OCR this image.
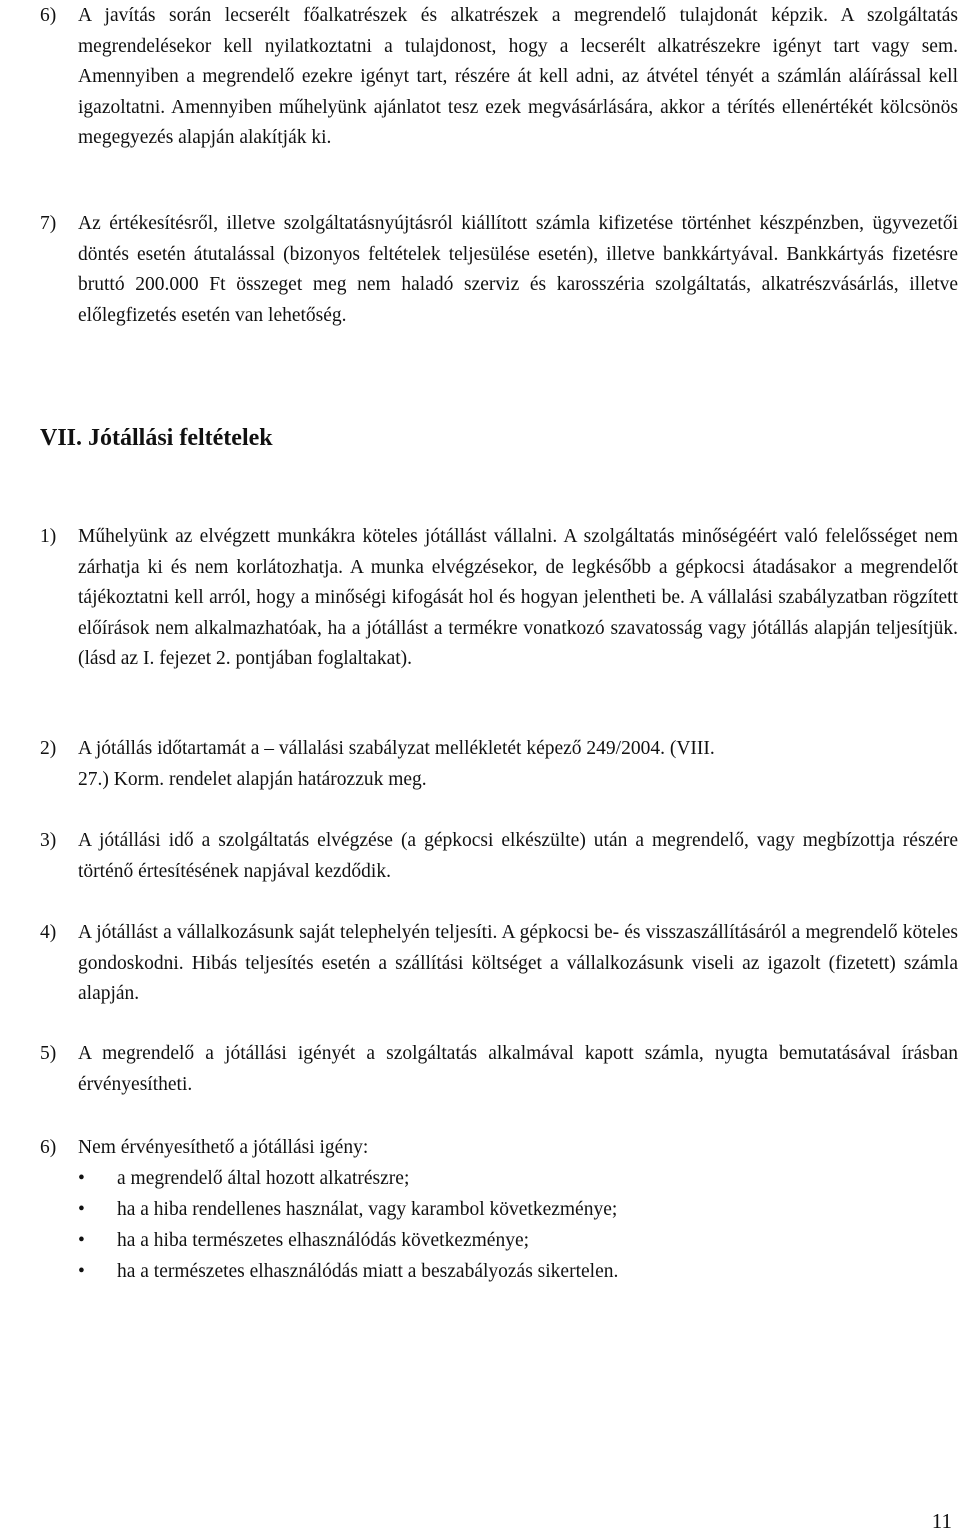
6) A javítás során lecserélt főalkatrészek és alkatrészek a megrendelő tulajdonát képzik. A szolgáltatás megrendelésekor kell nyilatkoztatni a tulajdonost, hogy a lecserélt alkatrészekre igényt tart vagy sem. Amennyiben a megrendelő ezekre igényt tart, részére át kell adni, az átvétel tényét a számlán aláírással kell igazoltatni. Amennyiben műhelyünk ajánlatot tesz ezek megvásárlására, akkor a térítés ellenértékét kölcsönös megegyezés alapján alakítják ki.
7) Az értékesítésről, illetve szolgáltatásnyújtásról kiállított számla kifizetése történhet készpénzben, ügyvezetői döntés esetén átutalással (bizonyos feltételek teljesülése esetén), illetve bankkártyával. Bankkártyás fizetésre bruttó 200.000 Ft összeget meg nem haladó szerviz és karosszéria szolgáltatás, alkatrészvásárlás, illetve előlegfizetés esetén van lehetőség.
VII. Jótállási feltételek
1) Műhelyünk az elvégzett munkákra köteles jótállást vállalni. A szolgáltatás minőségéért való felelősséget nem zárhatja ki és nem korlátozhatja. A munka elvégzésekor, de legkésőbb a gépkocsi átadásakor a megrendelőt tájékoztatni kell arról, hogy a minőségi kifogását hol és hogyan jelentheti be. A vállalási szabályzatban rögzített előírások nem alkalmazhatóak, ha a jótállást a termékre vonatkozó szavatosság vagy jótállás alapján teljesítjük. (lásd az I. fejezet 2. pontjában foglaltakat).
2) A jótállás időtartamát a – vállalási szabályzat mellékletét képező 249/2004. (VIII.
27.) Korm. rendelet alapján határozzuk meg.
3) A jótállási idő a szolgáltatás elvégzése (a gépkocsi elkészülte) után a megrendelő, vagy megbízottja részére történő értesítésének napjával kezdődik.
4) A jótállást a vállalkozásunk saját telephelyén teljesíti. A gépkocsi be- és visszaszállításáról a megrendelő köteles gondoskodni. Hibás teljesítés esetén a szállítási költséget a vállalkozásunk viseli az igazolt (fizetett) számla alapján.
5) A megrendelő a jótállási igényét a szolgáltatás alkalmával kapott számla, nyugta bemutatásával írásban érvényesítheti.
6) Nem érvényesíthető a jótállási igény:
• a megrendelő által hozott alkatrészre;
• ha a hiba rendellenes használat, vagy karambol következménye;
• ha a hiba természetes elhasználódás következménye;
• ha a természetes elhasználódás miatt a beszabályozás sikertelen.
11
